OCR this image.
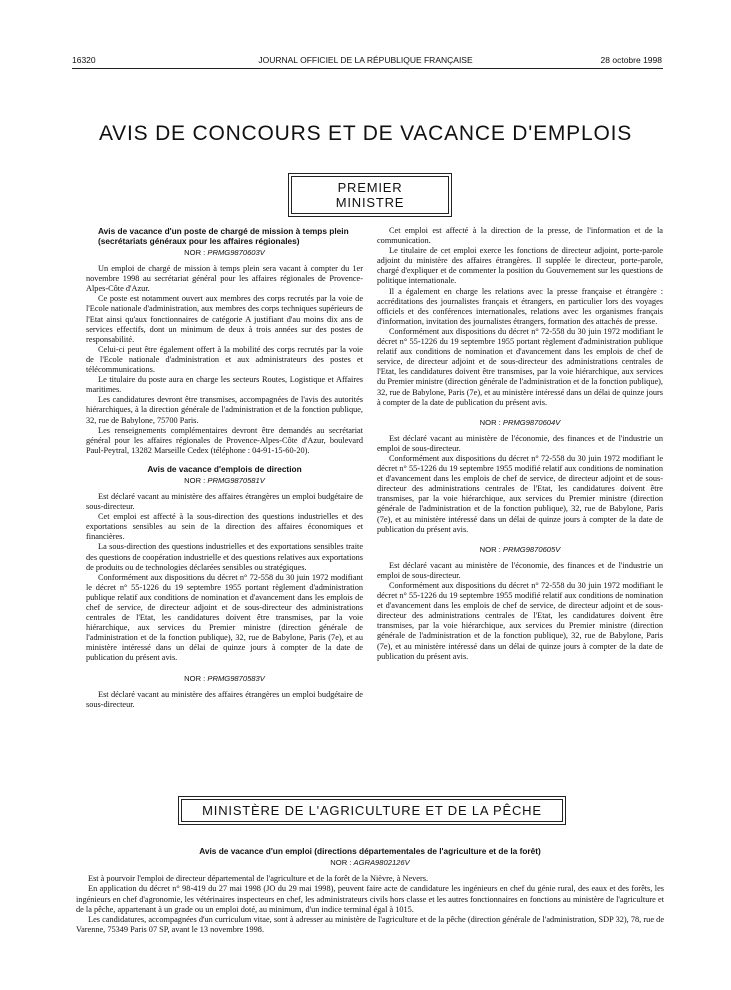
16320	JOURNAL OFFICIEL DE LA RÉPUBLIQUE FRANÇAISE	28 octobre 1998
AVIS DE CONCOURS ET DE VACANCE D'EMPLOIS
PREMIER MINISTRE
Avis de vacance d'un poste de chargé de mission à temps plein (secrétariats généraux pour les affaires régionales)
NOR : PRMG9870603V

Un emploi de chargé de mission à temps plein sera vacant à compter du 1er novembre 1998 au secrétariat général pour les affaires régionales de Provence-Alpes-Côte d'Azur.

Ce poste est notamment ouvert aux membres des corps recrutés par la voie de l'Ecole nationale d'administration, aux membres des corps techniques supérieurs de l'Etat ainsi qu'aux fonctionnaires de catégorie A justifiant d'au moins dix ans de services effectifs, dont un minimum de deux à trois années sur des postes de responsabilité.

Celui-ci peut être également offert à la mobilité des corps recrutés par la voie de l'Ecole nationale d'administration et aux administrateurs des postes et télécommunications.

Le titulaire du poste aura en charge les secteurs Routes, Logistique et Affaires maritimes.

Les candidatures devront être transmises, accompagnées de l'avis des autorités hiérarchiques, à la direction générale de l'administration et de la fonction publique, 32, rue de Babylone, 75700 Paris.

Les renseignements complémentaires devront être demandés au secrétariat général pour les affaires régionales de Provence-Alpes-Côte d'Azur, boulevard Paul-Peytral, 13282 Marseille Cedex (téléphone : 04-91-15-60-20).

Avis de vacance d'emplois de direction
NOR : PRMG9870581V

Est déclaré vacant au ministère des affaires étrangères un emploi budgétaire de sous-directeur.

Cet emploi est affecté à la sous-direction des questions industrielles et des exportations sensibles au sein de la direction des affaires économiques et financières.

La sous-direction des questions industrielles et des exportations sensibles traite des questions de coopération industrielle et des questions relatives aux exportations de produits ou de technologies déclarées sensibles ou stratégiques.

Conformément aux dispositions du décret n° 72-558 du 30 juin 1972 modifiant le décret n° 55-1226 du 19 septembre 1955 portant règlement d'administration publique relatif aux conditions de nomination et d'avancement dans les emplois de chef de service, de directeur adjoint et de sous-directeur des administrations centrales de l'Etat, les candidatures doivent être transmises, par la voie hiérarchique, aux services du Premier ministre (direction générale de l'administration et de la fonction publique), 32, rue de Babylone, Paris (7e), et au ministère intéressé dans un délai de quinze jours à compter de la date de publication du présent avis.

NOR : PRMG9870583V

Est déclaré vacant au ministère des affaires étrangères un emploi budgétaire de sous-directeur.

Cet emploi est affecté à la direction de la presse, de l'information et de la communication.

Le titulaire de cet emploi exerce les fonctions de directeur adjoint, porte-parole adjoint du ministère des affaires étrangères. Il supplée le directeur, porte-parole, chargé d'expliquer et de commenter la position du Gouvernement sur les questions de politique internationale.

Il a également en charge les relations avec la presse française et étrangère : accréditations des journalistes français et étrangers, en particulier lors des voyages officiels et des conférences internationales, relations avec les organismes français d'information, invitation des journalistes étrangers, formation des attachés de presse.

Conformément aux dispositions du décret n° 72-558 du 30 juin 1972 modifiant le décret n° 55-1226 du 19 septembre 1955 portant règlement d'administration publique relatif aux conditions de nomination et d'avancement dans les emplois de chef de service, de directeur adjoint et de sous-directeur des administrations centrales de l'Etat, les candidatures doivent être transmises, par la voie hiérarchique, aux services du Premier ministre (direction générale de l'administration et de la fonction publique), 32, rue de Babylone, Paris (7e), et au ministère intéressé dans un délai de quinze jours à compter de la date de publication du présent avis.

NOR : PRMG9870604V

Est déclaré vacant au ministère de l'économie, des finances et de l'industrie un emploi de sous-directeur.

Conformément aux dispositions du décret n° 72-558 du 30 juin 1972 modifiant le décret n° 55-1226 du 19 septembre 1955 modifié relatif aux conditions de nomination et d'avancement dans les emplois de chef de service, de directeur adjoint et de sous-directeur des administrations centrales de l'Etat, les candidatures doivent être transmises, par la voie hiérarchique, aux services du Premier ministre (direction générale de l'administration et de la fonction publique), 32, rue de Babylone, Paris (7e), et au ministère intéressé dans un délai de quinze jours à compter de la date de publication du présent avis.

NOR : PRMG9870605V

Est déclaré vacant au ministère de l'économie, des finances et de l'industrie un emploi de sous-directeur.

Conformément aux dispositions du décret n° 72-558 du 30 juin 1972 modifiant le décret n° 55-1226 du 19 septembre 1955 modifié relatif aux conditions de nomination et d'avancement dans les emplois de chef de service, de directeur adjoint et de sous-directeur des administrations centrales de l'Etat, les candidatures doivent être transmises, par la voie hiérarchique, aux services du Premier ministre (direction générale de l'administration et de la fonction publique), 32, rue de Babylone, Paris (7e), et au ministère intéressé dans un délai de quinze jours à compter de la date de publication du présent avis.

MINISTÈRE DE L'AGRICULTURE ET DE LA PÊCHE
Avis de vacance d'un emploi (directions départementales de l'agriculture et de la forêt)
NOR : AGRA9802126V

Est à pourvoir l'emploi de directeur départemental de l'agriculture et de la forêt de la Nièvre, à Nevers.

En application du décret n° 98-419 du 27 mai 1998 (JO du 29 mai 1998), peuvent faire acte de candidature les ingénieurs en chef du génie rural, des eaux et des forêts, les ingénieurs en chef d'agronomie, les vétérinaires inspecteurs en chef, les administrateurs civils hors classe et les autres fonctionnaires en fonctions au ministère de l'agriculture et de la pêche, appartenant à un grade ou un emploi doté, au minimum, d'un indice terminal égal à 1015.

Les candidatures, accompagnées d'un curriculum vitae, sont à adresser au ministère de l'agriculture et de la pêche (direction générale de l'administration, SDP 32), 78, rue de Varenne, 75349 Paris 07 SP, avant le 13 novembre 1998.
